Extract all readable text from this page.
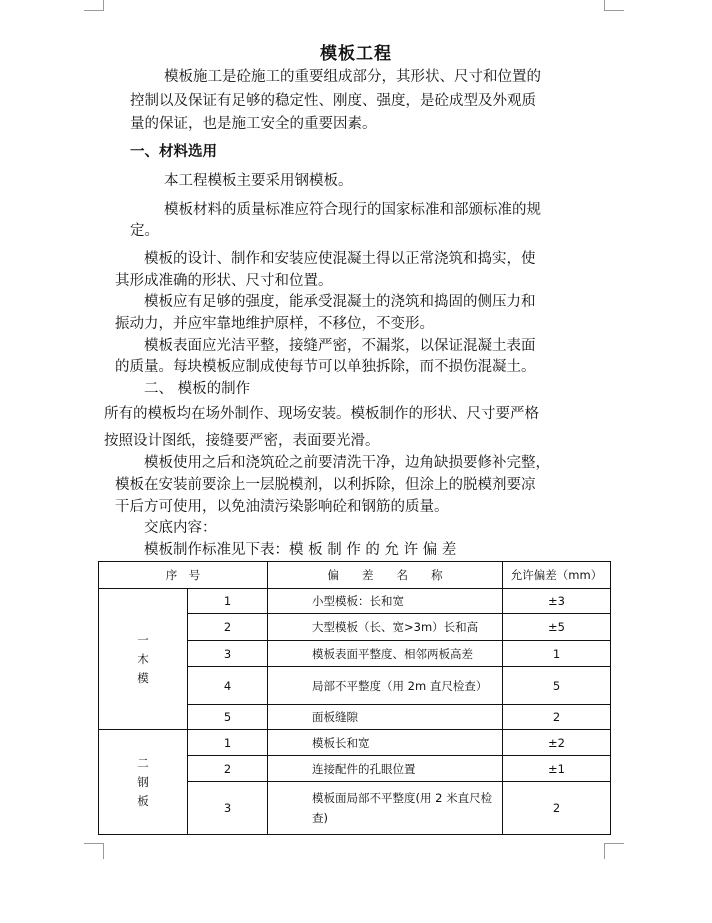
模板工程
模板施工是砼施工的重要组成部分，其形状、尺寸和位置的
控制以及保证有足够的稳定性、刚度、强度，是砼成型及外观质
量的保证，也是施工安全的重要因素。
一、材料选用
本工程模板主要采用钢模板。
模板材料的质量标准应符合现行的国家标准和部颁标准的规
定。
模板的设计、制作和安装应使混凝土得以正常浇筑和捣实，使
其形成准确的形状、尺寸和位置。
模板应有足够的强度，能承受混凝土的浇筑和捣固的侧压力和
振动力，并应牢靠地维护原样，不移位，不变形。
模板表面应光洁平整，接缝严密，不漏浆，以保证混凝土表面
的质量。每块模板应制成使每节可以单独拆除，而不损伤混凝土。
二、 模板的制作
所有的模板均在场外制作、现场安装。模板制作的形状、尺寸要严格
按照设计图纸，接缝要严密，表面要光滑。
模板使用之后和浇筑砼之前要清洗干净，边角缺损要修补完整，
模板在安装前要涂上一层脱模剂，以利拆除，但涂上的脱模剂要凉
干后方可使用，以免油渍污染影响砼和钢筋的质量。
交底内容：
模板制作标准见下表：模 板 制 作 的 允 许 偏 差
序　号		偏　　差　　名　　称	允许偏差（mm）
一木模	1	小型模板：长和宽	±3
	2	大型模板（长、宽>3m）长和高	±5
	3	模板表面平整度、相邻两板高差	1
	4	局部不平整度（用 2m 直尺检查）	5
	5	面板缝隙	2
二钢板	1	模板长和宽	±2
	2	连接配件的孔眼位置	±1
	3	模板面局部不平整度(用 2 米直尺检查)	2
